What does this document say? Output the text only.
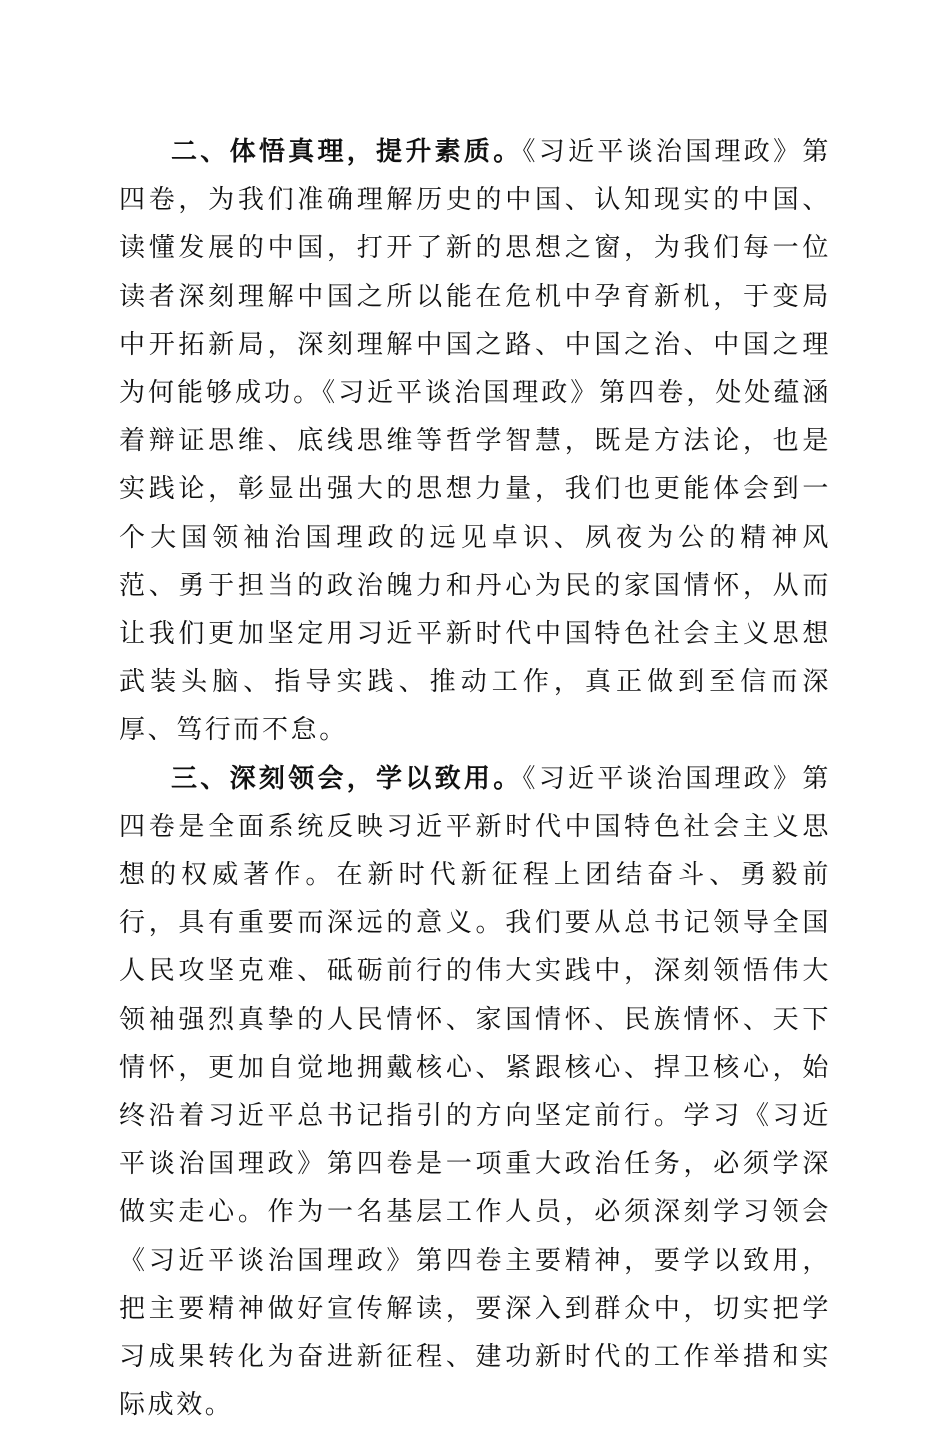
二、体悟真理，提升素质。《习近平谈治国理政》第四卷，为我们准确理解历史的中国、认知现实的中国、读懂发展的中国，打开了新的思想之窗，为我们每一位读者深刻理解中国之所以能在危机中孕育新机，于变局中开拓新局，深刻理解中国之路、中国之治、中国之理为何能够成功。《习近平谈治国理政》第四卷，处处蕴涵着辩证思维、底线思维等哲学智慧，既是方法论，也是实践论，彰显出强大的思想力量，我们也更能体会到一个大国领袖治国理政的远见卓识、夙夜为公的精神风范、勇于担当的政治魄力和丹心为民的家国情怀，从而让我们更加坚定用习近平新时代中国特色社会主义思想武装头脑、指导实践、推动工作，真正做到至信而深厚、笃行而不怠。

三、深刻领会，学以致用。《习近平谈治国理政》第四卷是全面系统反映习近平新时代中国特色社会主义思想的权威著作。在新时代新征程上团结奋斗、勇毅前行，具有重要而深远的意义。我们要从总书记领导全国人民攻坚克难、砥砺前行的伟大实践中，深刻领悟伟大领袖强烈真挚的人民情怀、家国情怀、民族情怀、天下情怀，更加自觉地拥戴核心、紧跟核心、捍卫核心，始终沿着习近平总书记指引的方向坚定前行。学习《习近平谈治国理政》第四卷是一项重大政治任务，必须学深做实走心。作为一名基层工作人员，必须深刻学习领会《习近平谈治国理政》第四卷主要精神，要学以致用，把主要精神做好宣传解读，要深入到群众中，切实把学习成果转化为奋进新征程、建功新时代的工作举措和实际成效。
